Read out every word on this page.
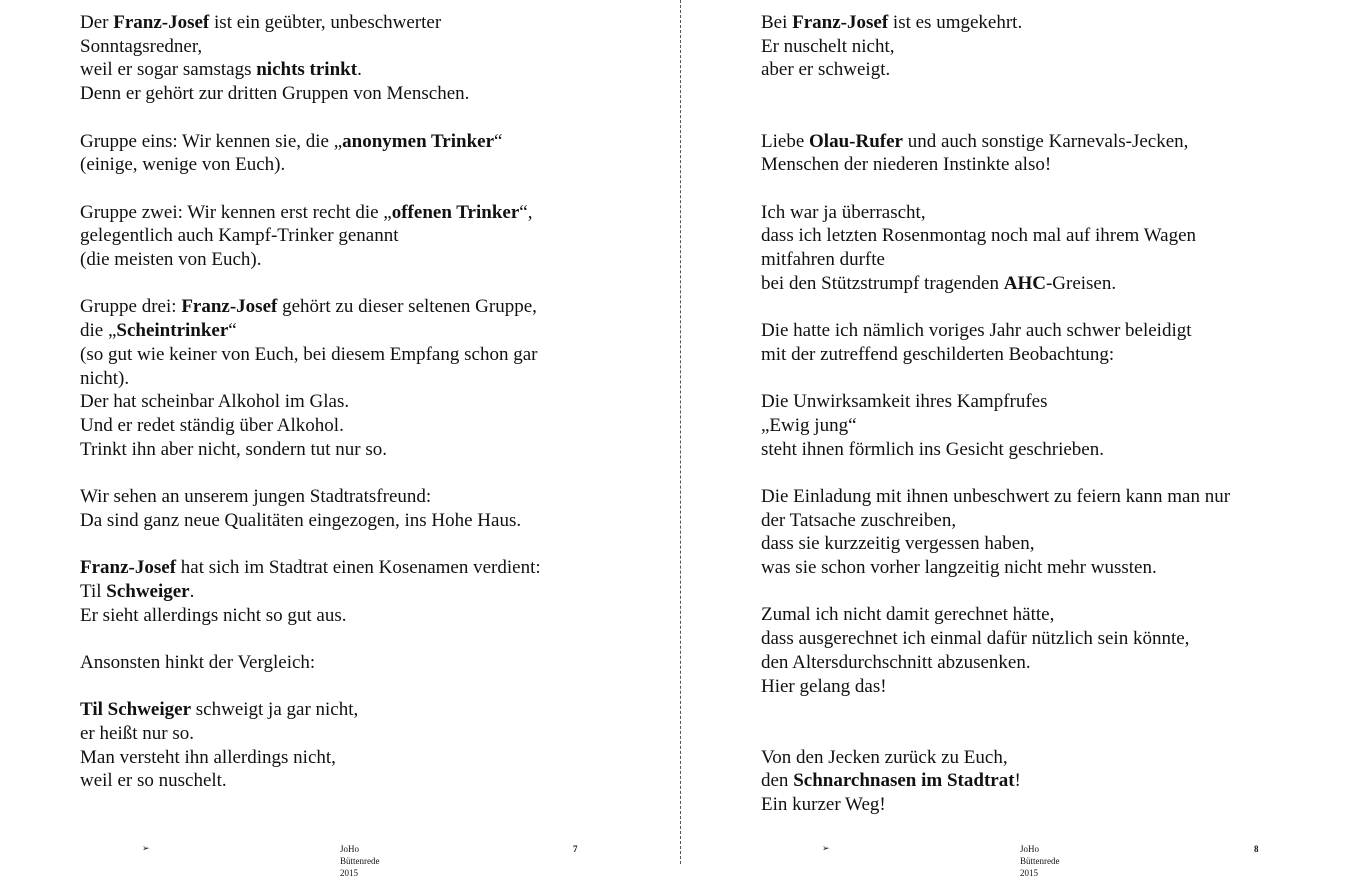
Der Franz-Josef ist ein geübter, unbeschwerter
Sonntagsredner,
weil er sogar samstags nichts trinkt.
Denn er gehört zur dritten Gruppen von Menschen.
Gruppe eins: Wir kennen sie, die „anonymen Trinker“
(einige, wenige von Euch).
Gruppe zwei: Wir kennen erst recht die „offenen Trinker“,
gelegentlich auch Kampf-Trinker genannt
(die meisten von Euch).
Gruppe drei: Franz-Josef gehört zu dieser seltenen Gruppe,
die „Scheintrinker“
(so gut wie keiner von Euch, bei diesem Empfang schon gar
nicht).
Der hat scheinbar Alkohol im Glas.
Und er redet ständig über Alkohol.
Trinkt ihn aber nicht, sondern tut nur so.
Wir sehen an unserem jungen Stadtratsfreund:
Da sind ganz neue Qualitäten eingezogen, ins Hohe Haus.
Franz-Josef hat sich im Stadtrat einen Kosenamen verdient:
Til Schweiger.
Er sieht allerdings nicht so gut aus.
Ansonsten hinkt der Vergleich:
Til Schweiger schweigt ja gar nicht,
er heißt nur so.
Man versteht ihn allerdings nicht,
weil er so nuschelt.
➢	JoHo Büttenrede 2015
7
Bei Franz-Josef ist es umgekehrt.
Er nuschelt nicht,
aber er schweigt.
Liebe Olau-Rufer und auch sonstige Karnevals-Jecken,
Menschen der niederen Instinkte also!
Ich war ja überrascht,
dass ich letzten Rosenmontag noch mal auf ihrem Wagen
mitfahren durfte
bei den Stützstrumpf tragenden AHC-Greisen.
Die hatte ich nämlich voriges Jahr auch schwer beleidigt
mit der zutreffend geschilderten Beobachtung:
Die Unwirksamkeit ihres Kampfrufes
„Ewig jung“
steht ihnen förmlich ins Gesicht geschrieben.
Die Einladung mit ihnen unbeschwert zu feiern kann man nur
der Tatsache zuschreiben,
dass sie kurzzeitig vergessen haben,
was sie schon vorher langzeitig nicht mehr wussten.
Zumal ich nicht damit gerechnet hätte,
dass ausgerechnet ich einmal dafür nützlich sein könnte,
den Altersdurchschnitt abzusenken.
Hier gelang das!
Von den Jecken zurück zu Euch,
den Schnarchnasen im Stadtrat!
Ein kurzer Weg!
➢	JoHo Büttenrede 2015
8
